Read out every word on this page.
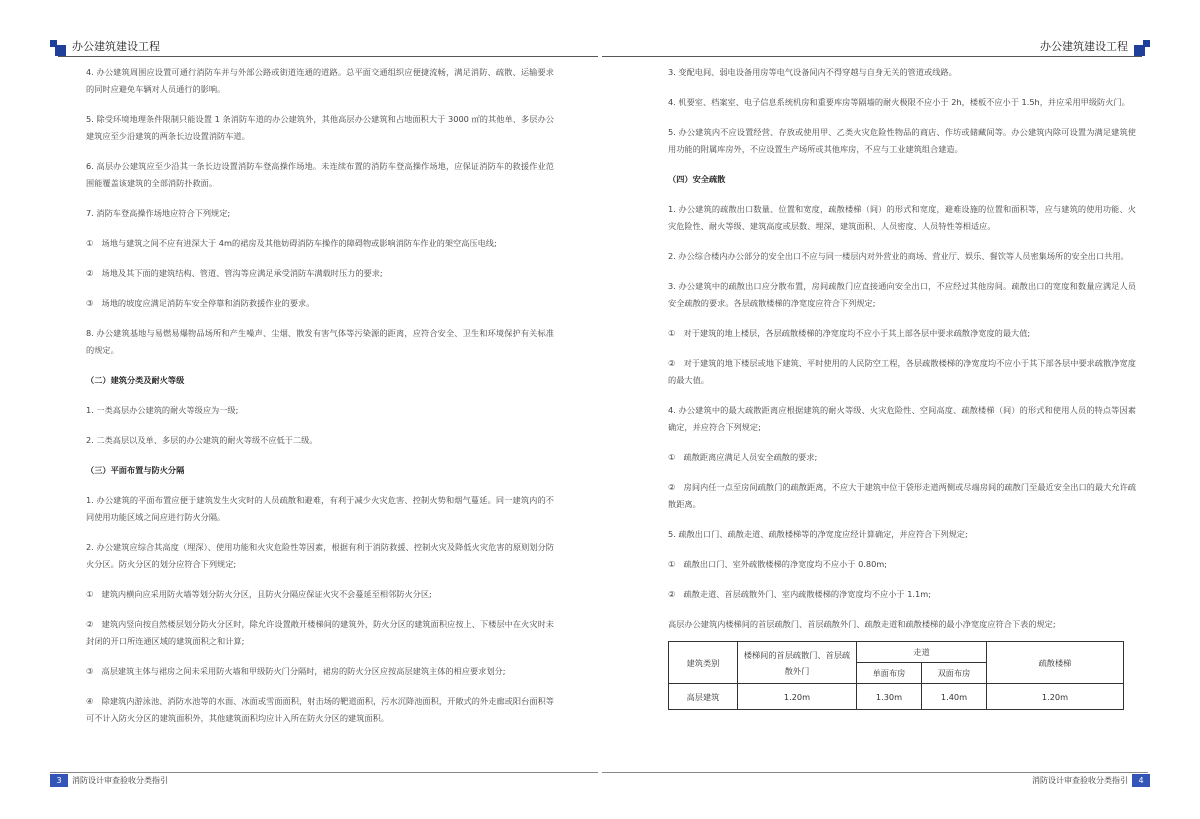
办公建筑建设工程	办公建筑建设工程

4. 办公建筑周围应设置可通行消防车并与外部公路或街道连通的道路。总平面交通组织应便捷流畅，满足消防、疏散、运输要求的同时应避免车辆对人员通行的影响。

5. 除受环境地理条件限制只能设置 1 条消防车道的办公建筑外，其他高层办公建筑和占地面积大于 3000 ㎡的其他单、多层办公建筑应至少沿建筑的两条长边设置消防车道。

6. 高层办公建筑应至少沿其一条长边设置消防车登高操作场地。未连续布置的消防车登高操作场地，应保证消防车的救援作业范围能覆盖该建筑的全部消防扑救面。

7. 消防车登高操作场地应符合下列规定;

①　场地与建筑之间不应有进深大于 4m的裙房及其他妨碍消防车操作的障碍物或影响消防车作业的架空高压电线;

②　场地及其下面的建筑结构、管道、管沟等应满足承受消防车满载时压力的要求;

③　场地的坡度应满足消防车安全停靠和消防救援作业的要求。

8. 办公建筑基地与易燃易爆物品场所和产生噪声、尘烟、散发有害气体等污染源的距离，应符合安全、卫生和环境保护有关标准的规定。

（二）建筑分类及耐火等级

1. 一类高层办公建筑的耐火等级应为一级;

2. 二类高层以及单、多层的办公建筑的耐火等级不应低于二级。

（三）平面布置与防火分隔

1. 办公建筑的平面布置应便于建筑发生火灾时的人员疏散和避难，有利于减少火灾危害、控制火势和烟气蔓延。同一建筑内的不同使用功能区域之间应进行防火分隔。

2. 办公建筑应综合其高度（埋深）、使用功能和火灾危险性等因素，根据有利于消防救援、控制火灾及降低火灾危害的原则划分防火分区。防火分区的划分应符合下列规定;

①　建筑内横向应采用防火墙等划分防火分区，且防火分隔应保证火灾不会蔓延至相邻防火分区;

②　建筑内竖向按自然楼层划分防火分区时，除允许设置敞开楼梯间的建筑外，防火分区的建筑面积应按上、下楼层中在火灾时未封闭的开口所连通区域的建筑面积之和计算;

③　高层建筑主体与裙房之间未采用防火墙和甲级防火门分隔时，裙房的防火分区应按高层建筑主体的相应要求划分;

④　除建筑内游泳池、消防水池等的水面、冰面或雪面面积，射击场的靶道面积，污水沉降池面积，开敞式的外走廊或阳台面积等可不计入防火分区的建筑面积外，其他建筑面积均应计入所在防火分区的建筑面积。

3. 变配电间、弱电设备用房等电气设备间内不得穿越与自身无关的管道或线路。

4. 机要室、档案室、电子信息系统机房和重要库房等隔墙的耐火极限不应小于 2h，楼板不应小于 1.5h，并应采用甲级防火门。

5. 办公建筑内不应设置经营、存放或使用甲、乙类火灾危险性物品的商店、作坊或储藏间等。办公建筑内除可设置为满足建筑使用功能的附属库房外，不应设置生产场所或其他库房，不应与工业建筑组合建造。

（四）安全疏散

1. 办公建筑的疏散出口数量、位置和宽度，疏散楼梯（间）的形式和宽度，避难设施的位置和面积等，应与建筑的使用功能、火灾危险性、耐火等级、建筑高度或层数、埋深、建筑面积、人员密度、人员特性等相适应。

2. 办公综合楼内办公部分的安全出口不应与同一楼层内对外营业的商场、营业厅、娱乐、餐饮等人员密集场所的安全出口共用。

3. 办公建筑中的疏散出口应分散布置，房间疏散门应直接通向安全出口，不应经过其他房间。疏散出口的宽度和数量应满足人员安全疏散的要求。各层疏散楼梯的净宽度应符合下列规定;

①　对于建筑的地上楼层，各层疏散楼梯的净宽度均不应小于其上部各层中要求疏散净宽度的最大值;

②　对于建筑的地下楼层或地下建筑、平时使用的人民防空工程，各层疏散楼梯的净宽度均不应小于其下部各层中要求疏散净宽度的最大值。

4. 办公建筑中的最大疏散距离应根据建筑的耐火等级、火灾危险性、空间高度、疏散楼梯（间）的形式和使用人员的特点等因素确定，并应符合下列规定;

①　疏散距离应满足人员安全疏散的要求;

②　房间内任一点至房间疏散门的疏散距离，不应大于建筑中位于袋形走道两侧或尽端房间的疏散门至最近安全出口的最大允许疏散距离。

5. 疏散出口门、疏散走道、疏散楼梯等的净宽度应经计算确定，并应符合下列规定;

①　疏散出口门、室外疏散楼梯的净宽度均不应小于 0.80m;

②　疏散走道、首层疏散外门、室内疏散楼梯的净宽度均不应小于 1.1m;

高层办公建筑内楼梯间的首层疏散门、首层疏散外门、疏散走道和疏散楼梯的最小净宽度应符合下表的规定;

建筑类别	楼梯间的首层疏散门、首层疏散外门	走道		疏散楼梯
		单面布房	双面布房	
高层建筑	1.20m	1.30m	1.40m	1.20m
3	消防设计审查验收分类指引	消防设计审查验收分类指引	4
